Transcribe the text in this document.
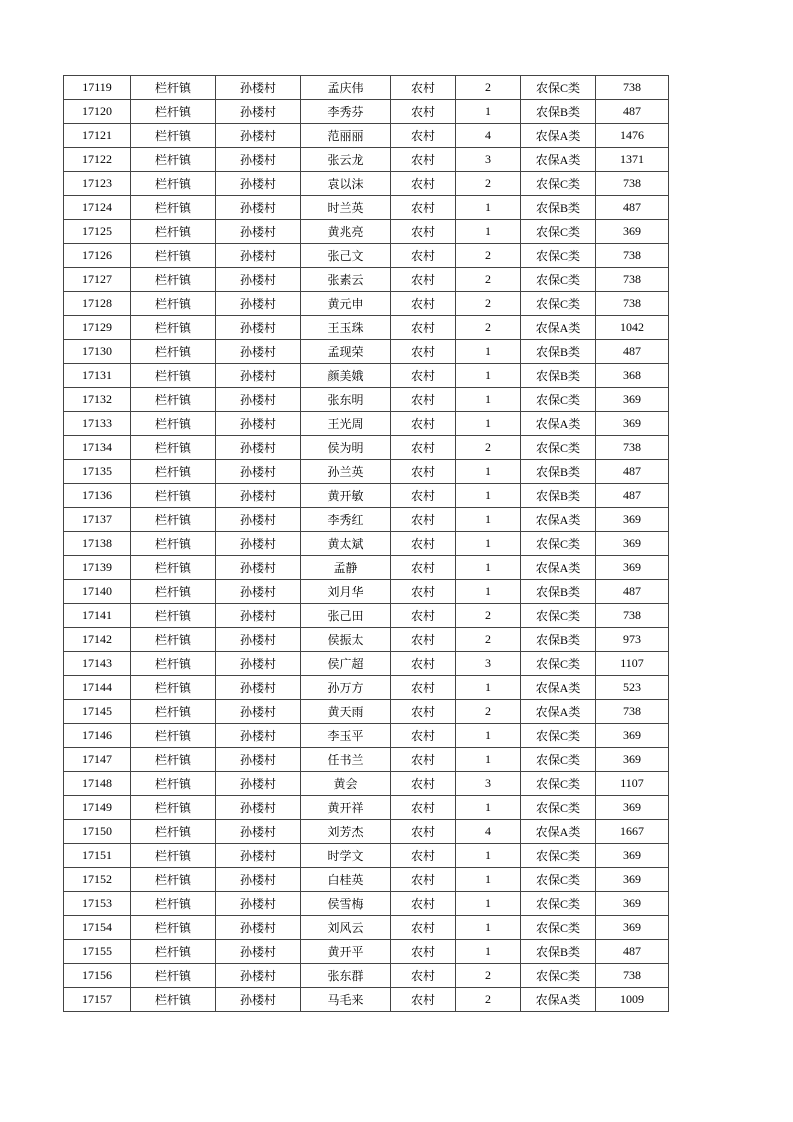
17119	栏杆镇	孙楼村	孟庆伟	农村	2	农保C类	738
17120	栏杆镇	孙楼村	李秀芬	农村	1	农保B类	487
17121	栏杆镇	孙楼村	范丽丽	农村	4	农保A类	1476
17122	栏杆镇	孙楼村	张云龙	农村	3	农保A类	1371
17123	栏杆镇	孙楼村	袁以沫	农村	2	农保C类	738
17124	栏杆镇	孙楼村	时兰英	农村	1	农保B类	487
17125	栏杆镇	孙楼村	黄兆亮	农村	1	农保C类	369
17126	栏杆镇	孙楼村	张己文	农村	2	农保C类	738
17127	栏杆镇	孙楼村	张素云	农村	2	农保C类	738
17128	栏杆镇	孙楼村	黄元申	农村	2	农保C类	738
17129	栏杆镇	孙楼村	王玉珠	农村	2	农保A类	1042
17130	栏杆镇	孙楼村	孟现荣	农村	1	农保B类	487
17131	栏杆镇	孙楼村	颜美娥	农村	1	农保B类	368
17132	栏杆镇	孙楼村	张东明	农村	1	农保C类	369
17133	栏杆镇	孙楼村	王光周	农村	1	农保A类	369
17134	栏杆镇	孙楼村	侯为明	农村	2	农保C类	738
17135	栏杆镇	孙楼村	孙兰英	农村	1	农保B类	487
17136	栏杆镇	孙楼村	黄开敏	农村	1	农保B类	487
17137	栏杆镇	孙楼村	李秀红	农村	1	农保A类	369
17138	栏杆镇	孙楼村	黄太斌	农村	1	农保C类	369
17139	栏杆镇	孙楼村	孟静	农村	1	农保A类	369
17140	栏杆镇	孙楼村	刘月华	农村	1	农保B类	487
17141	栏杆镇	孙楼村	张己田	农村	2	农保C类	738
17142	栏杆镇	孙楼村	侯振太	农村	2	农保B类	973
17143	栏杆镇	孙楼村	侯广超	农村	3	农保C类	1107
17144	栏杆镇	孙楼村	孙万方	农村	1	农保A类	523
17145	栏杆镇	孙楼村	黄天雨	农村	2	农保A类	738
17146	栏杆镇	孙楼村	李玉平	农村	1	农保C类	369
17147	栏杆镇	孙楼村	任书兰	农村	1	农保C类	369
17148	栏杆镇	孙楼村	黄会	农村	3	农保C类	1107
17149	栏杆镇	孙楼村	黄开祥	农村	1	农保C类	369
17150	栏杆镇	孙楼村	刘芳杰	农村	4	农保A类	1667
17151	栏杆镇	孙楼村	时学文	农村	1	农保C类	369
17152	栏杆镇	孙楼村	白桂英	农村	1	农保C类	369
17153	栏杆镇	孙楼村	侯雪梅	农村	1	农保C类	369
17154	栏杆镇	孙楼村	刘风云	农村	1	农保C类	369
17155	栏杆镇	孙楼村	黄开平	农村	1	农保B类	487
17156	栏杆镇	孙楼村	张东群	农村	2	农保C类	738
17157	栏杆镇	孙楼村	马毛来	农村	2	农保A类	1009
